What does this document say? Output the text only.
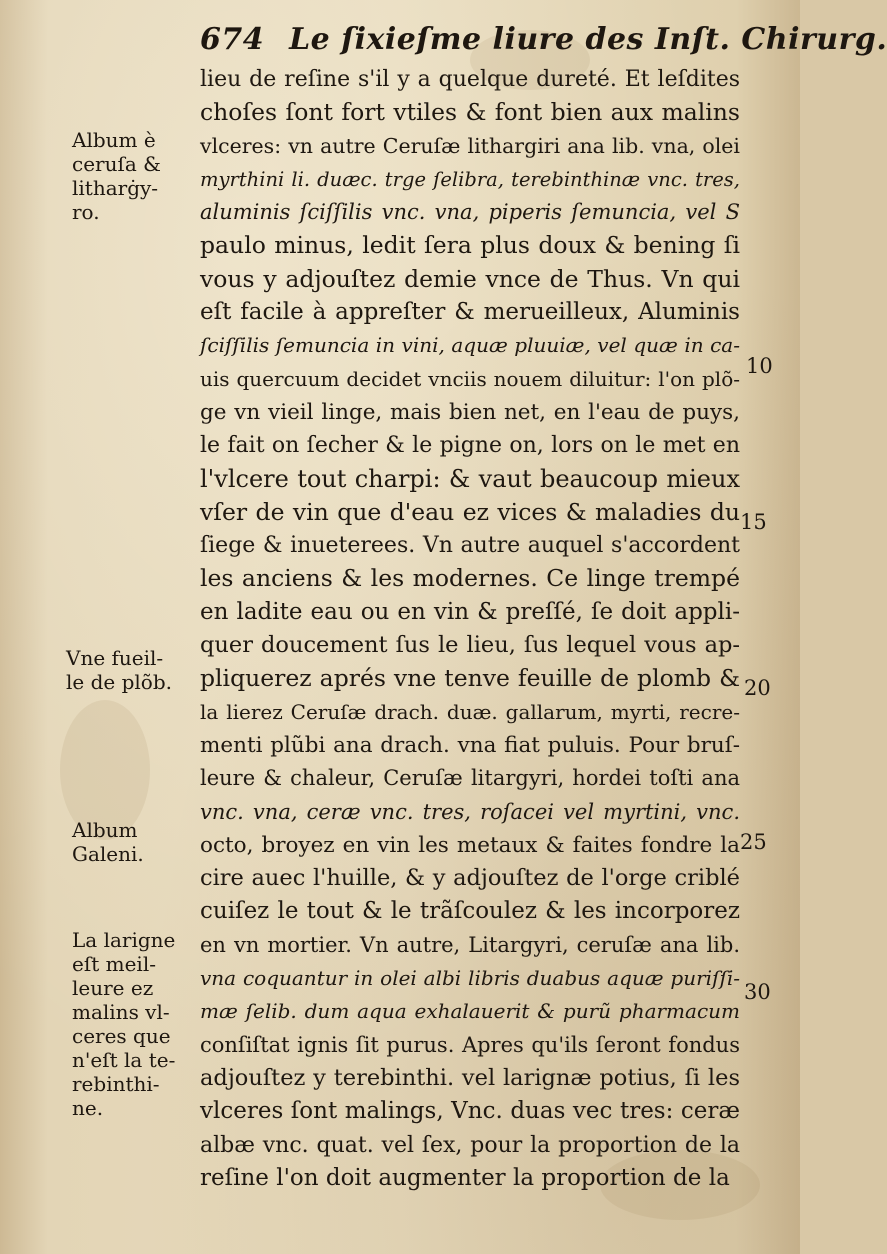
674 Le ſixieſme liure des Inſt. Chirurg.
lieu de reſine s'il y a quelque dureté. Et leſdites
choſes ſont fort vtiles & font bien aux malins
vlceres: vn autre Ceruſæ lithargiri ana lib. vna, olei
myrthini li. duæc. trge ſelibra, terebinthinæ vnc. tres,
aluminis ſciſſilis vnc. vna, piperis ſemuncia, vel S
paulo minus, ledit ſera plus doux & bening ſi
vous y adjouſtez demie vnce de Thus. Vn qui
eſt facile à appreſter & merueilleux, Aluminis
ſciſſilis ſemuncia in vini, aquæ pluuiæ, vel quæ in ca-
uis quercuum decidet vnciis nouem diluitur: l'on plõ-
ge vn vieil linge, mais bien net, en l'eau de puys,
le fait on ſecher & le pigne on, lors on le met en
l'vlcere tout charpi: & vaut beaucoup mieux
vſer de vin que d'eau ez vices & maladies du
ſiege & inueterees. Vn autre auquel s'accordent
les anciens & les modernes. Ce linge trempé
en ladite eau ou en vin & preſſé, ſe doit appli-
quer doucement ſus le lieu, ſus lequel vous ap-
pliquerez aprés vne tenve feuille de plomb &
la lierez Ceruſæ drach. duæ. gallarum, myrti, recre-
menti plũbi ana drach. vna fiat puluis. Pour bruſ-
leure & chaleur, Ceruſæ litargyri, hordei toſti ana
vnc. vna, ceræ vnc. tres, roſacei vel myrtini, vnc.
octo, broyez en vin les metaux & faites fondre la
cire auec l'huille, & y adjouſtez de l'orge criblé
cuiſez le tout & le trãſcoulez & les incorporez
en vn mortier. Vn autre, Litargyri, ceruſæ ana lib.
vna coquantur in olei albi libris duabus aquæ puriſſi-
mæ ſelib. dum aqua exhalauerit & purũ pharmacum
conſiſtat ignis ſit purus. Apres qu'ils ſeront fondus
adjouſtez y terebinthi. vel larignæ potius, ſi les
vlceres ſont malings, Vnc. duas vec tres: ceræ
albæ vnc. quat. vel ſex, pour la proportion de la
reſine l'on doit augmenter la proportion de la
10
15
20
25
30
Album è
ceruſa &
litharġy-
ro.
Vne fueil-
le de plõb.
Album
Galeni.
La larigne
eſt meil-
leure ez
malins vl-
ceres que
n'eſt la te-
rebinthi-
ne.
